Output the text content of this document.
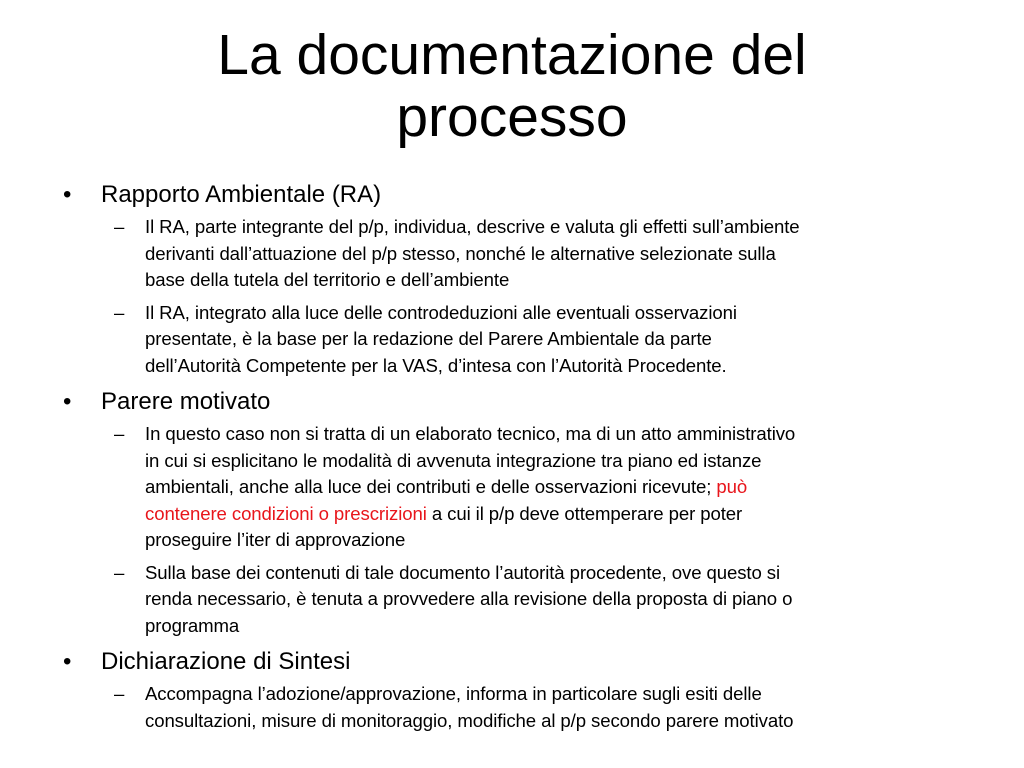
La documentazione del
processo

• Rapporto Ambientale (RA)

– Il RA, parte integrante del p/p, individua, descrive e valuta gli effetti sull’ambiente
derivanti dall’attuazione del p/p stesso, nonché le alternative selezionate sulla
base della tutela del territorio e dell’ambiente

– Il RA, integrato alla luce delle controdeduzioni alle eventuali osservazioni
presentate, è la base per la redazione del Parere Ambientale da parte
dell’Autorità Competente per la VAS, d’intesa con l’Autorità Procedente.

• Parere motivato

– In questo caso non si tratta di un elaborato tecnico, ma di un atto amministrativo
in cui si esplicitano le modalità di avvenuta integrazione tra piano ed istanze
ambientali, anche alla luce dei contributi e delle osservazioni ricevute; può
contenere condizioni o prescrizioni a cui il p/p deve ottemperare per poter
proseguire l’iter di approvazione

– Sulla base dei contenuti di tale documento l’autorità procedente, ove questo si
renda necessario, è tenuta a provvedere alla revisione della proposta di piano o
programma

• Dichiarazione di Sintesi

– Accompagna l’adozione/approvazione, informa in particolare sugli esiti delle
consultazioni, misure di monitoraggio, modifiche al p/p secondo parere motivato
